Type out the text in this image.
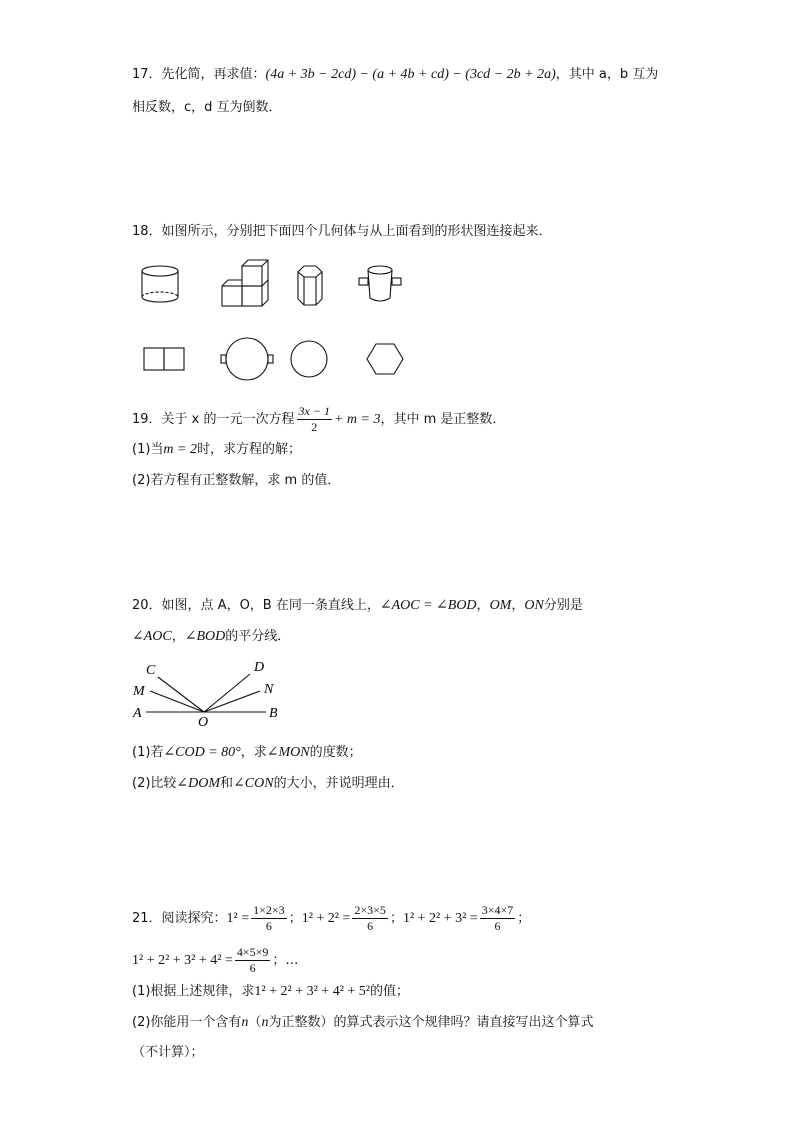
17．先化简，再求值：(4a + 3b − 2cd) − (a + 4b + cd) − (3cd − 2b + 2a)，其中 a，b 互为
相反数，c，d 互为倒数．
18．如图所示，分别把下面四个几何体与从上面看到的形状图连接起来．
19．关于 x 的一元一次方程 $\frac{3x - 1}{2} + m = 3$，其中 m 是正整数．
(1)当m = 2时，求方程的解；
(2)若方程有正整数解，求 m 的值．
20．如图，点 A，O，B 在同一条直线上，∠AOC = ∠BOD，OM，ON分别是
∠AOC，∠BOD的平分线．
C
M
A
O
D
N
B
(1)若∠COD = 80°，求∠MON的度数；
(2)比较∠DOM和∠CON的大小，并说明理由．
21．阅读探究：$1^2 = \frac{1\times 2\times 3}{6}$ ；$1^2 + 2^2 = \frac{2\times 3\times 5}{6}$ ；$1^2 + 2^2 + 3^2 = \frac{3\times 4\times 7}{6}$ ；
$1^2 + 2^2 + 3^2 + 4^2 = \frac{4\times 5\times 9}{6}$ ；…
(1)根据上述规律，求1² + 2² + 3² + 4² + 5²的值；
(2)你能用一个含有n（n为正整数）的算式表示这个规律吗？请直接写出这个算式
（不计算）；
